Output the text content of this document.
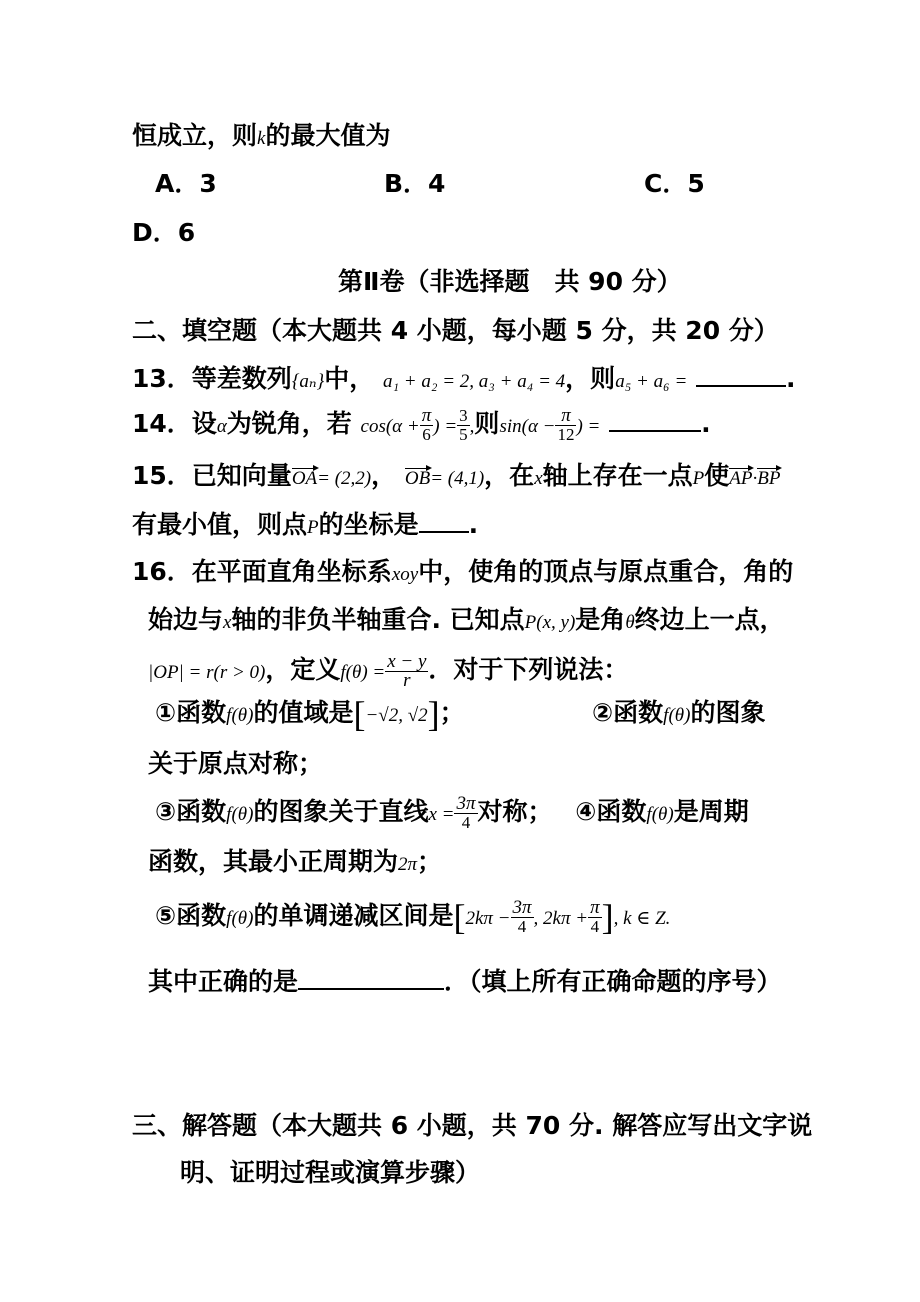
恒成立，则k的最大值为
A．3	B．4	C．5
D．6
第Ⅱ卷（非选择题　共 90 分）
二、填空题（本大题共 4 小题，每小题 5 分，共 20 分）
13．等差数列{aₙ}中， a₁ + a₂ = 2, a₃ + a₄ = 4，则a₅ + a₆ =	.
14．设α为锐角，若 $\cos(\alpha + \frac{\pi}{6}$ ) = $\frac{3}{5}$ ,则$\sin(\alpha - \frac{\pi}{12}$ ) =	.
15．已知向量OA= (2,2)， OB= (4,1)，在x轴上存在一点P使AP·BP
有最小值，则点P的坐标是 .
16．在平面直角坐标系xoy中，使角的顶点与原点重合，角的
始边与x轴的非负半轴重合. 已知点P(x, y)是角θ终边上一点，
|OP| = r(r > 0)，定义$f(\theta) = \frac{x - y}{r}$ ．对于下列说法：
①函数f(θ)的值域是[−√2, √2]；	②函数f(θ)的图象
关于原点对称；
③函数f(θ)的图象关于直线$x = \frac{3\pi}{4}$ 对称； ④函数f(θ)是周期
函数，其最小正周期为2π；
⑤函数f(θ)的单调递减区间是[$2k\pi - \frac{3\pi}{4}$ , $2k\pi + \frac{\pi}{4}$ ], k ∈ Z.
其中正确的是	．（填上所有正确命题的序号）
三、解答题（本大题共 6 小题，共 70 分. 解答应写出文字说
明、证明过程或演算步骤）
